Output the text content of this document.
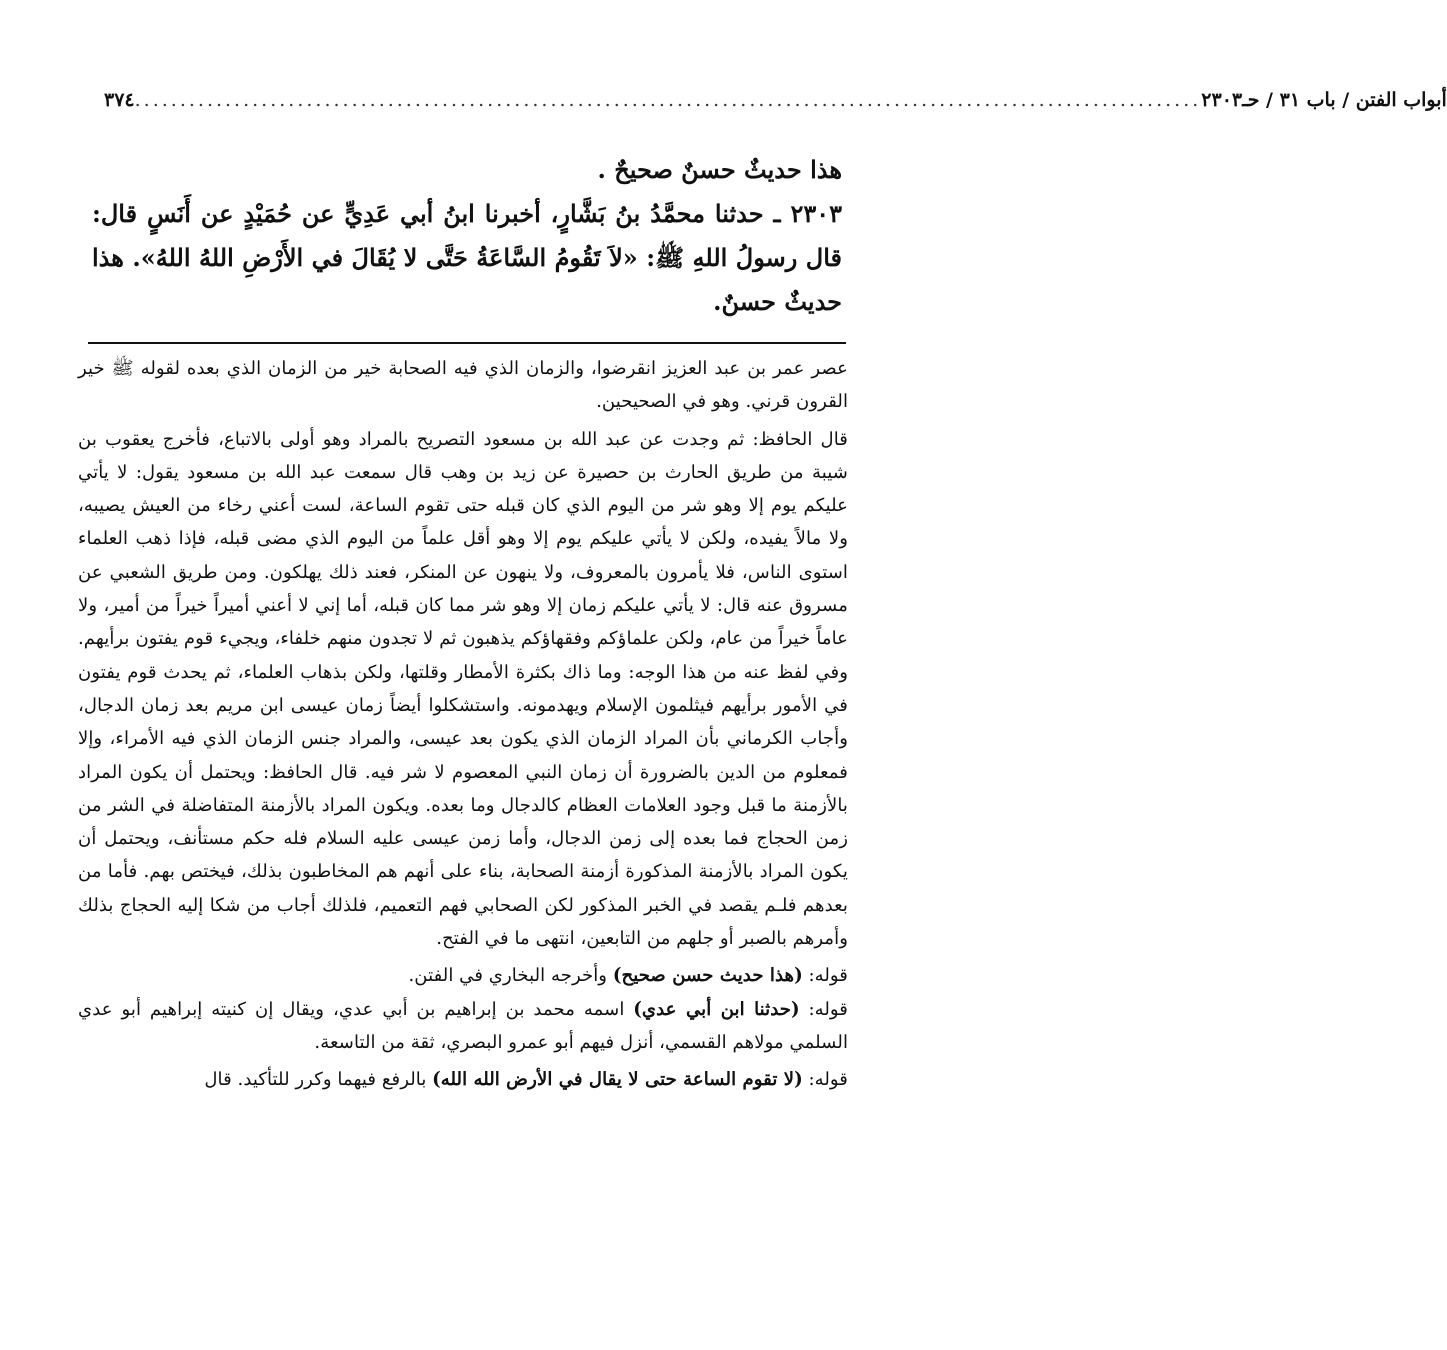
٣٧٤ ...................................................................................................................... أبواب الفتن / باب ٣١ / حـ٢٣٠٣

هذا حديثٌ حسنٌ صحيحٌ .

٢٣٠٣ ـ حدثنا محمَّدُ بنُ بَشَّارٍ، أخبرنا ابنُ أبي عَدِيٍّ عن حُمَيْدٍ عن أَنَسٍ قال: قال رسولُ اللهِ ﷺ: «لاَ تَقُومُ السَّاعَةُ حَتَّى لا يُقَالَ في الأَرْضِ اللهُ اللهُ». هذا حديثٌ حسنٌ.

عصر عمر بن عبد العزيز انقرضوا، والزمان الذي فيه الصحابة خير من الزمان الذي بعده لقوله ﷺ خير القرون قرني. وهو في الصحيحين.

قال الحافظ: ثم وجدت عن عبد الله بن مسعود التصريح بالمراد وهو أولى بالاتباع، فأخرج يعقوب بن شيبة من طريق الحارث بن حصيرة عن زيد بن وهب قال سمعت عبد الله بن مسعود يقول: لا يأتي عليكم يوم إلا وهو شر من اليوم الذي كان قبله حتى تقوم الساعة، لست أعني رخاء من العيش يصيبه، ولا مالاً يفيده، ولكن لا يأتي عليكم يوم إلا وهو أقل علماً من اليوم الذي مضى قبله، فإذا ذهب العلماء استوى الناس، فلا يأمرون بالمعروف، ولا ينهون عن المنكر، فعند ذلك يهلكون. ومن طريق الشعبي عن مسروق عنه قال: لا يأتي عليكم زمان إلا وهو شر مما كان قبله، أما إني لا أعني أميراً خيراً من أمير، ولا عاماً خيراً من عام، ولكن علماؤكم وفقهاؤكم يذهبون ثم لا تجدون منهم خلفاء، ويجيء قوم يفتون برأيهم. وفي لفظ عنه من هذا الوجه: وما ذاك بكثرة الأمطار وقلتها، ولكن بذهاب العلماء، ثم يحدث قوم يفتون في الأمور برأيهم فيثلمون الإسلام ويهدمونه. واستشكلوا أيضاً زمان عيسى ابن مريم بعد زمان الدجال، وأجاب الكرماني بأن المراد الزمان الذي يكون بعد عيسى، والمراد جنس الزمان الذي فيه الأمراء، وإلا فمعلوم من الدين بالضرورة أن زمان النبي المعصوم لا شر فيه. قال الحافظ: ويحتمل أن يكون المراد بالأزمنة ما قبل وجود العلامات العظام كالدجال وما بعده. ويكون المراد بالأزمنة المتفاضلة في الشر من زمن الحجاج فما بعده إلى زمن الدجال، وأما زمن عيسى عليه السلام فله حكم مستأنف، ويحتمل أن يكون المراد بالأزمنة المذكورة أزمنة الصحابة، بناء على أنهم هم المخاطبون بذلك، فيختص بهم. فأما من بعدهم فلـم يقصد في الخبر المذكور لكن الصحابي فهم التعميم، فلذلك أجاب من شكا إليه الحجاج بذلك وأمرهم بالصبر أو جلهم من التابعين، انتهى ما في الفتح.

قوله: (هذا حديث حسن صحيح) وأخرجه البخاري في الفتن.

قوله: (حدثنا ابن أبي عدي) اسمه محمد بن إبراهيم بن أبي عدي، ويقال إن كنيته إبراهيم أبو عدي السلمي مولاهم القسمي، أنزل فيهم أبو عمرو البصري، ثقة من التاسعة.

قوله: (لا تقوم الساعة حتى لا يقال في الأرض الله الله) بالرفع فيهما وكرر للتأكيد. قال
